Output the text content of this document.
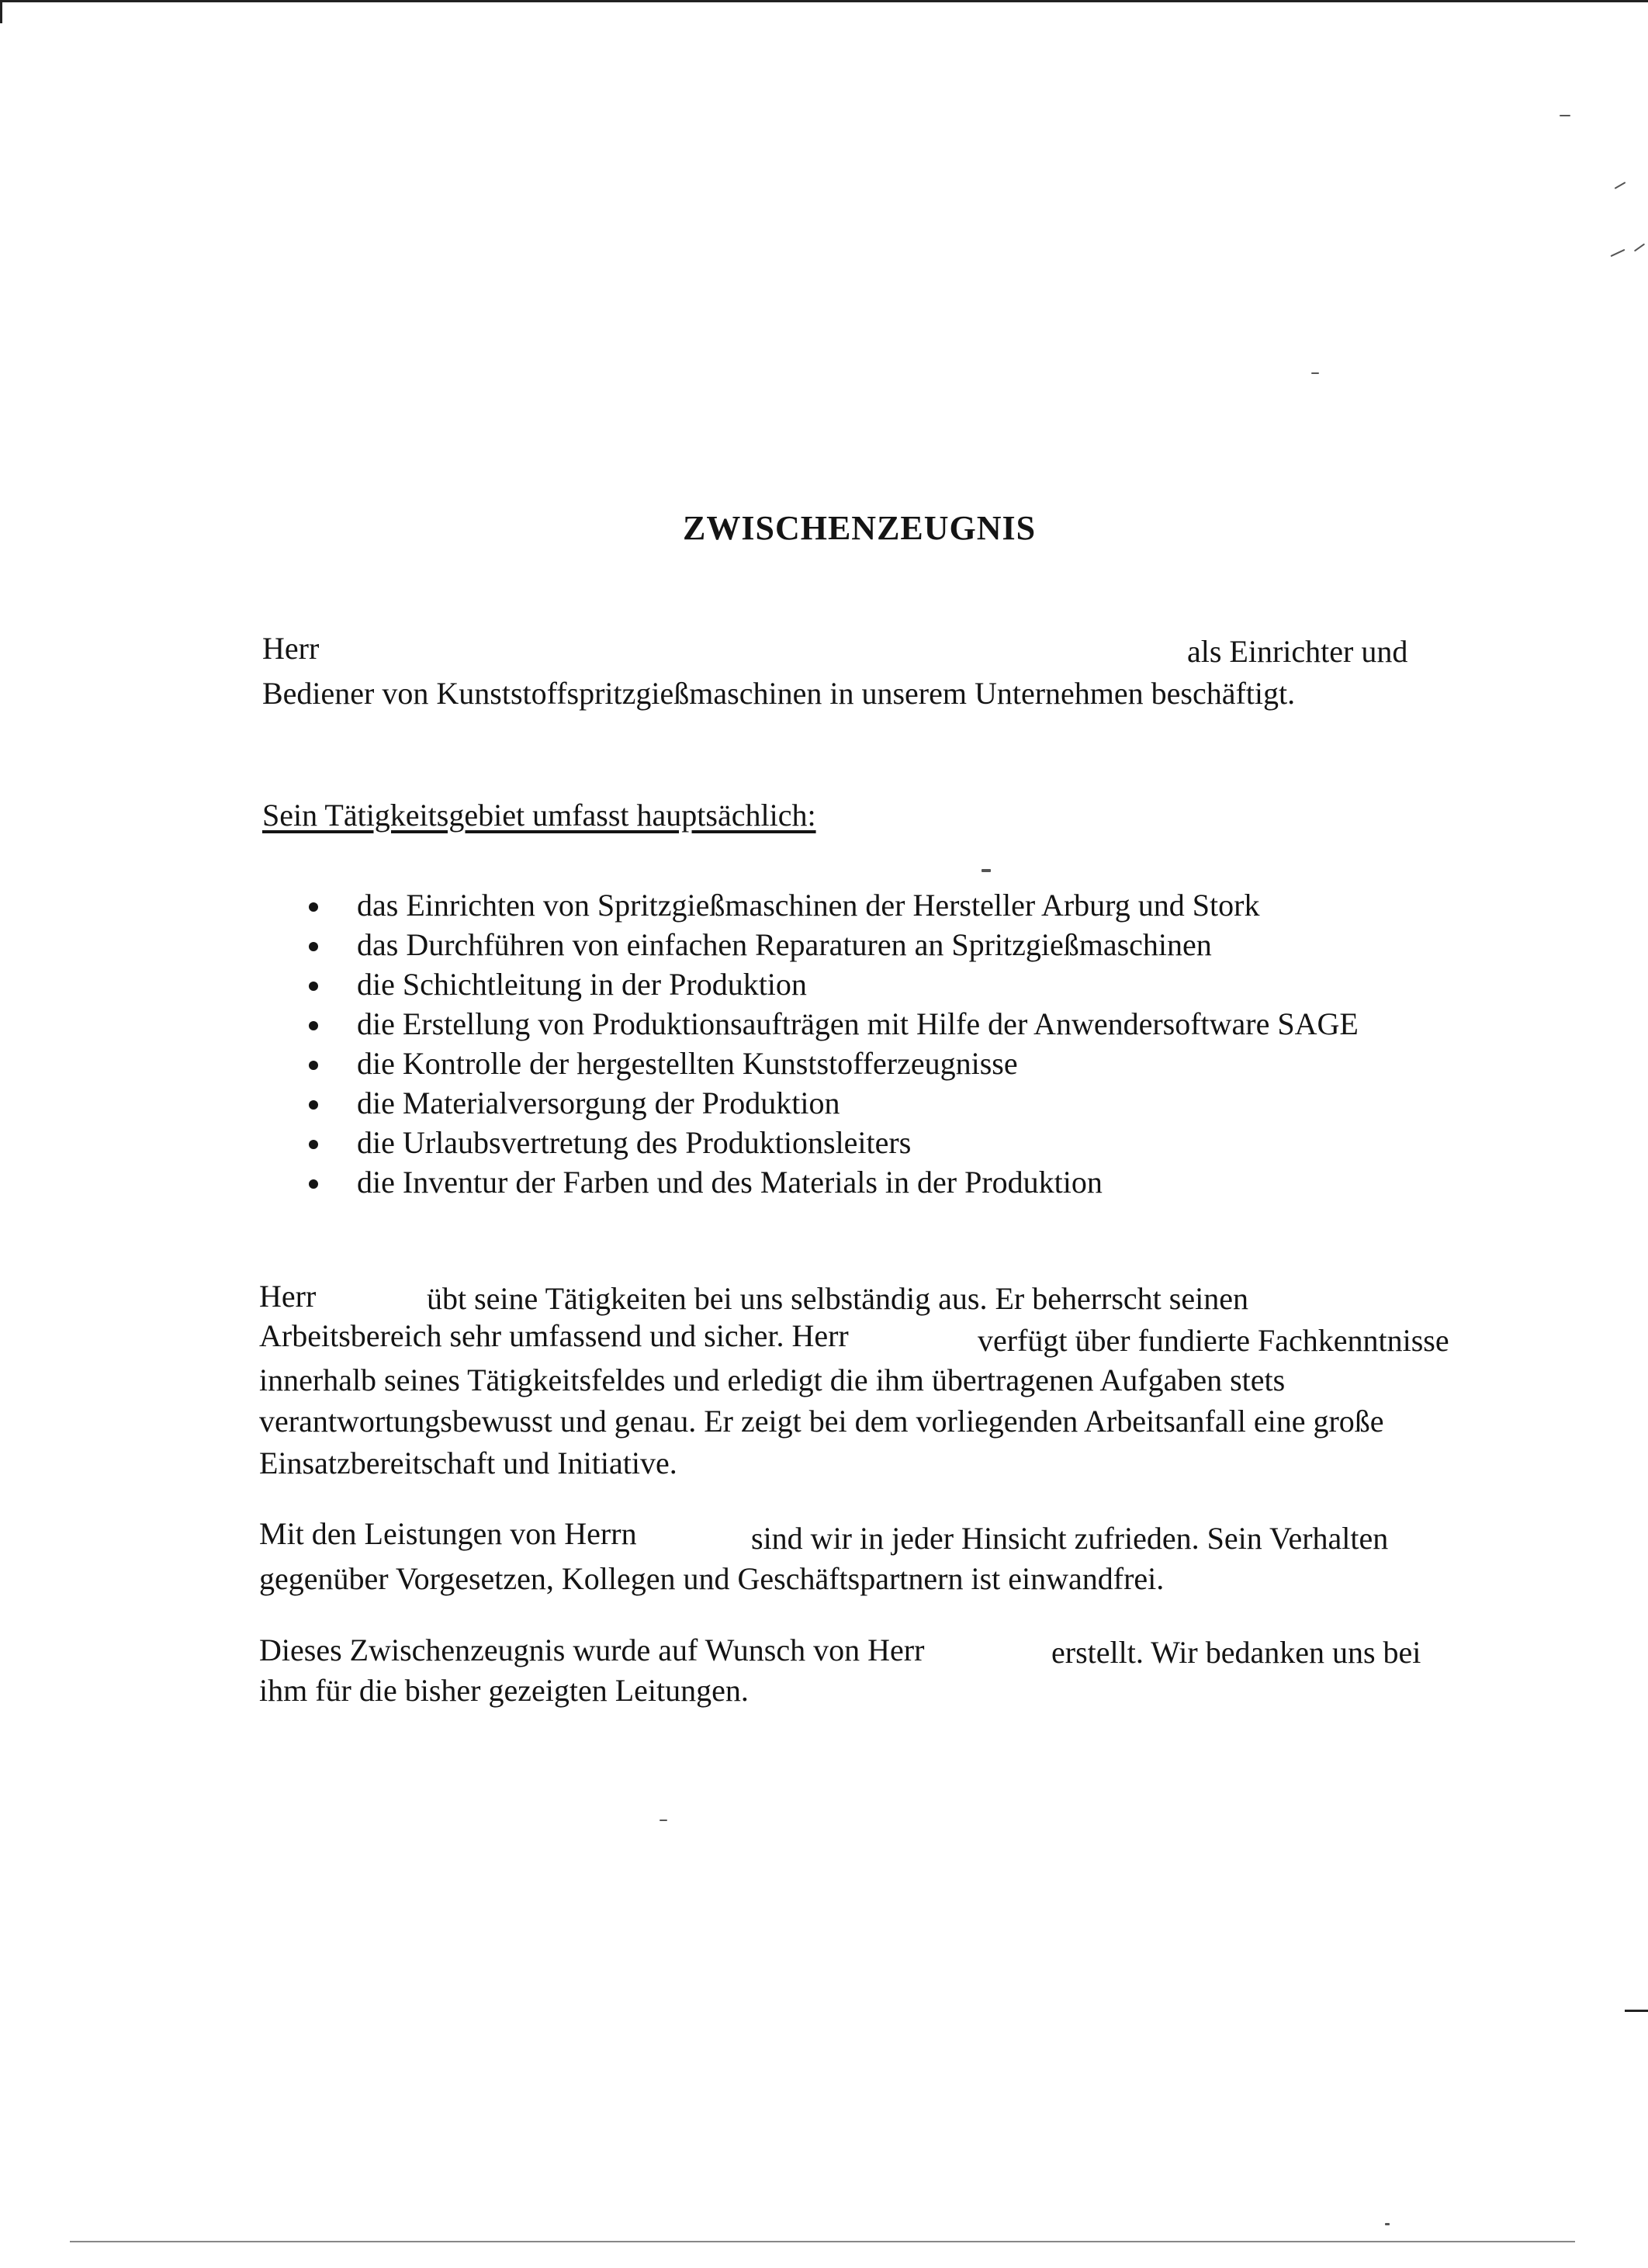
ZWISCHENZEUGNIS
Herr	als Einrichter und
Bediener von Kunststoffspritzgießmaschinen in unserem Unternehmen beschäftigt.
Sein Tätigkeitsgebiet umfasst hauptsächlich:
das Einrichten von Spritzgießmaschinen der Hersteller Arburg und Stork
das Durchführen von einfachen Reparaturen an Spritzgießmaschinen
die Schichtleitung in der Produktion
die Erstellung von Produktionsaufträgen mit Hilfe der Anwendersoftware SAGE
die Kontrolle der hergestellten Kunststofferzeugnisse
die Materialversorgung der Produktion
die Urlaubsvertretung des Produktionsleiters
die Inventur der Farben und des Materials in der Produktion
Herr	übt seine Tätigkeiten bei uns selbständig aus. Er beherrscht seinen
Arbeitsbereich sehr umfassend und sicher. Herr	verfügt über fundierte Fachkenntnisse
innerhalb seines Tätigkeitsfeldes und erledigt die ihm übertragenen Aufgaben stets
verantwortungsbewusst und genau. Er zeigt bei dem vorliegenden Arbeitsanfall eine große
Einsatzbereitschaft und Initiative.
Mit den Leistungen von Herrn	sind wir in jeder Hinsicht zufrieden. Sein Verhalten
gegenüber Vorgesetzen, Kollegen und Geschäftspartnern ist einwandfrei.
Dieses Zwischenzeugnis wurde auf Wunsch von Herr	erstellt. Wir bedanken uns bei
ihm für die bisher gezeigten Leitungen.
